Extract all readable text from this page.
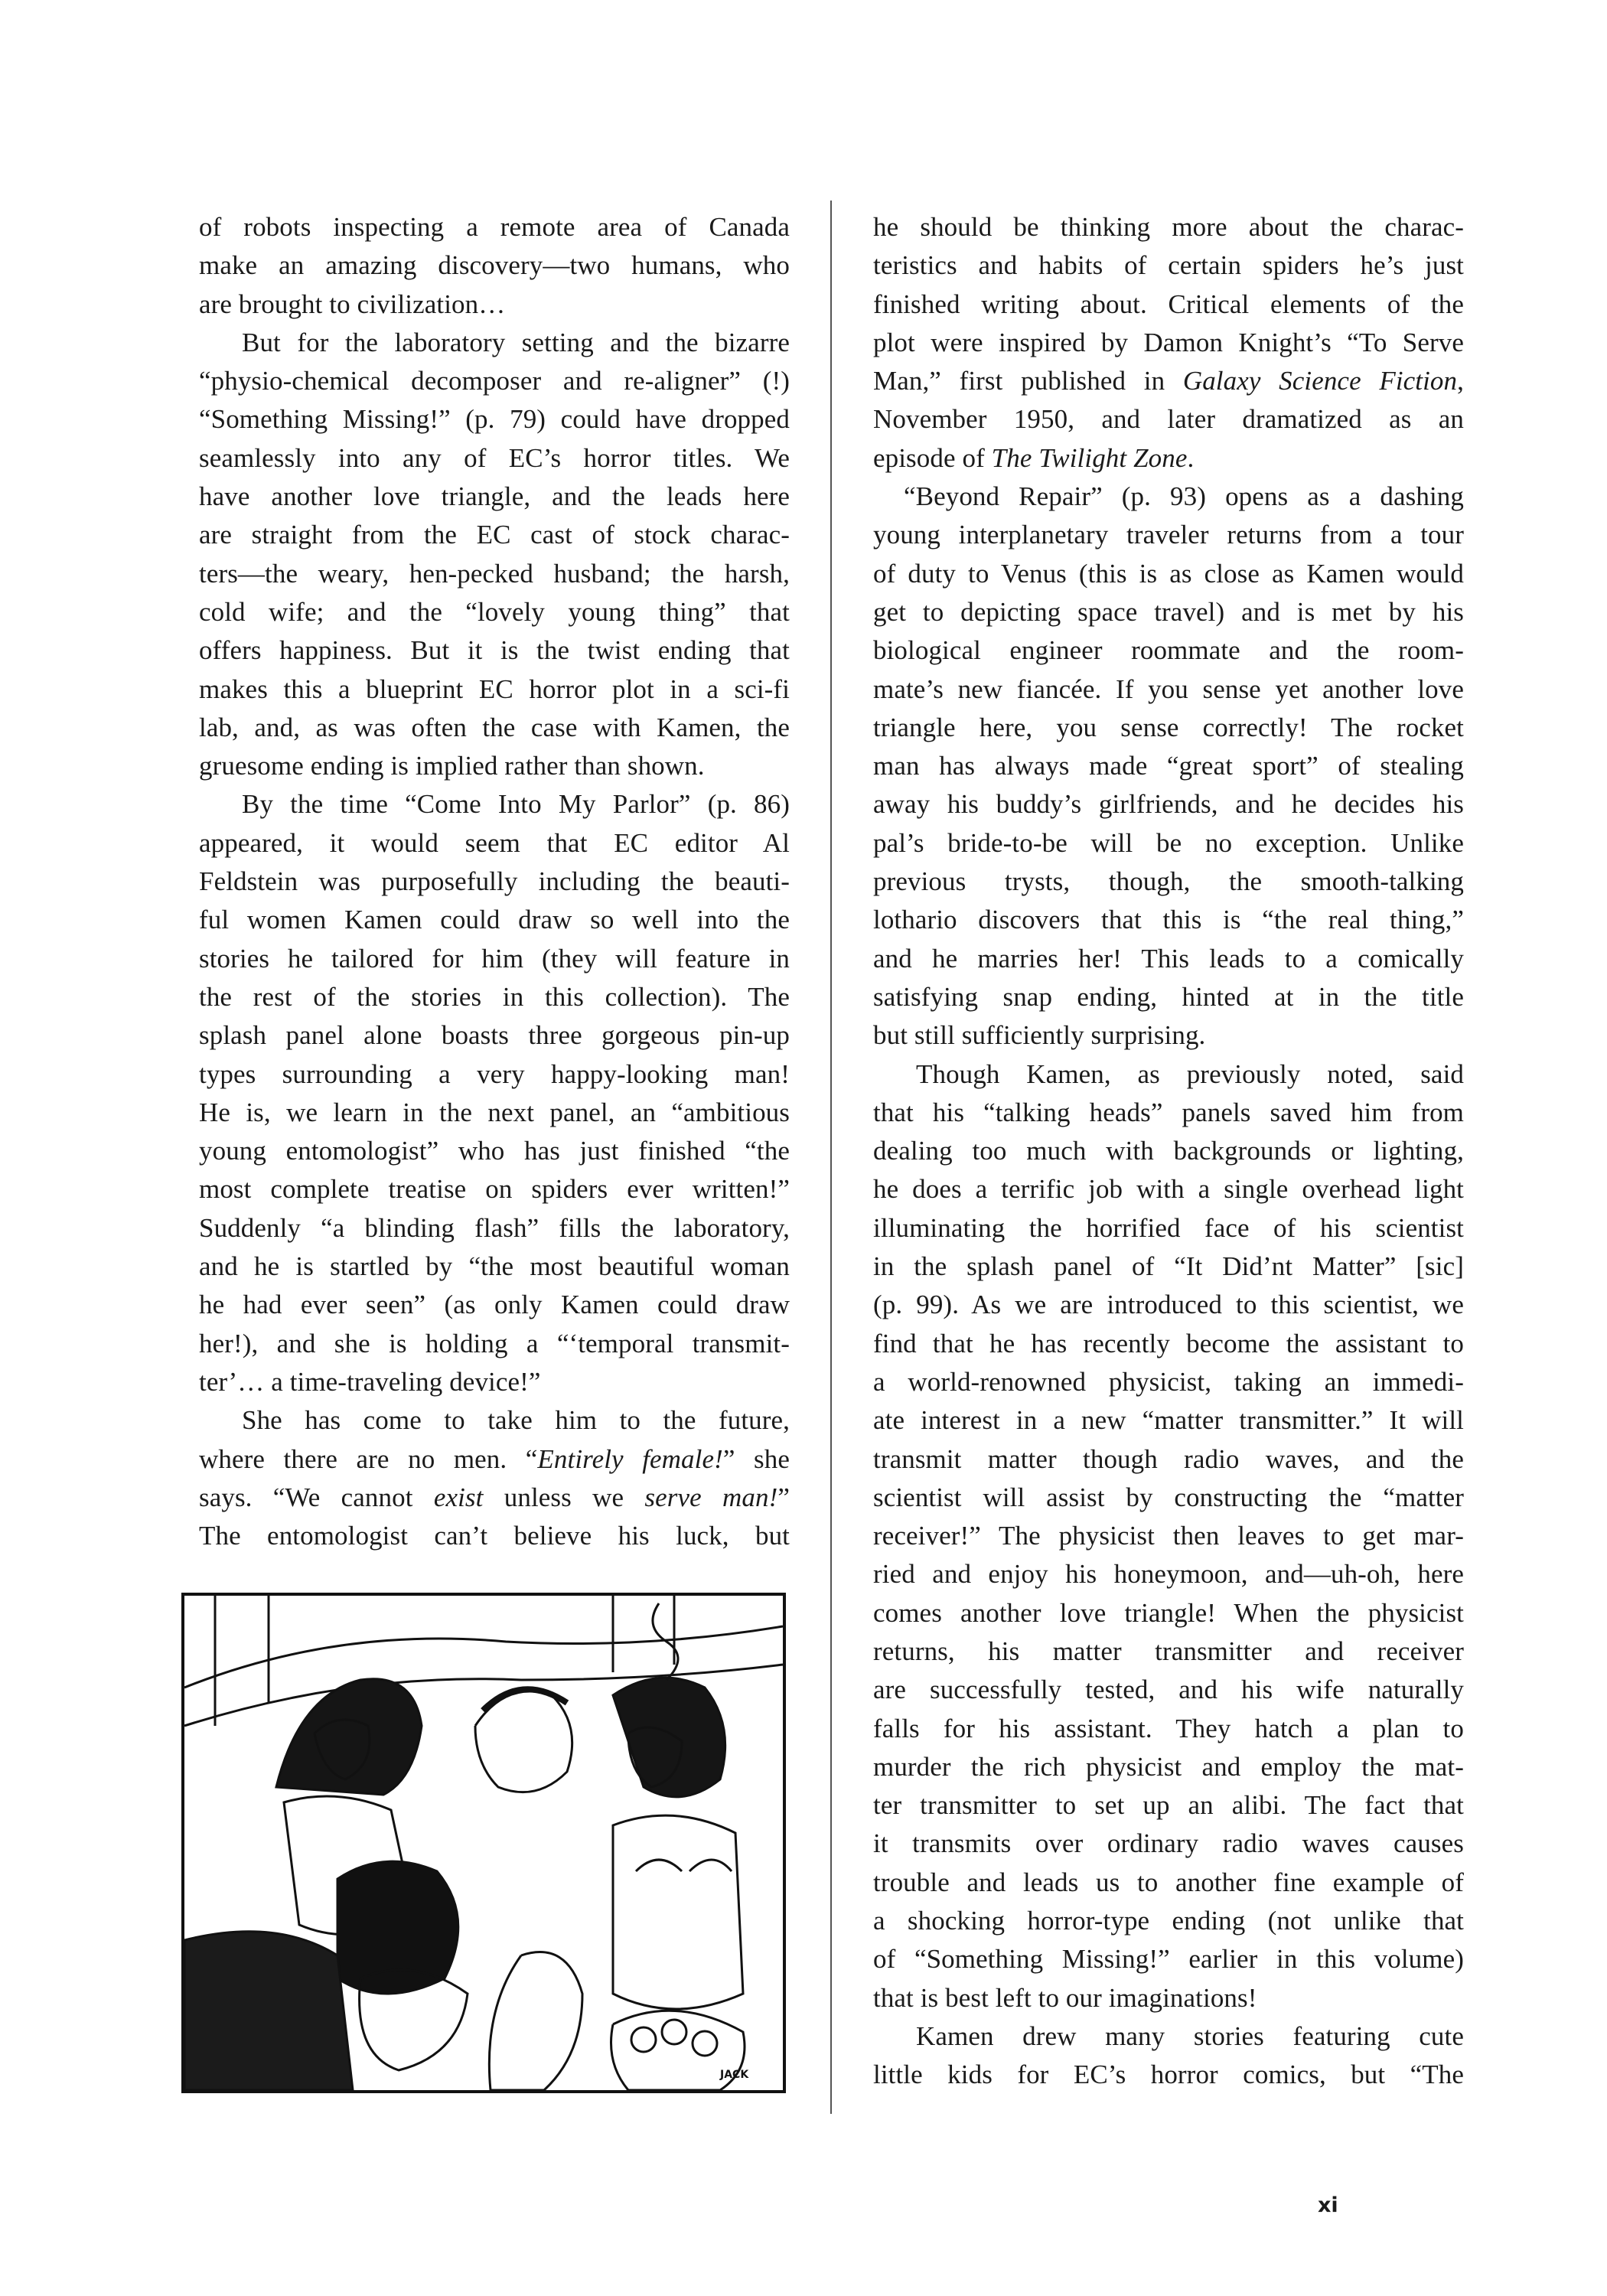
of robots inspecting a remote area of Canada
make an amazing discovery—two humans, who
are brought to civilization…
But for the laboratory setting and the bizarre
“physio-chemical decomposer and re-aligner” (!)
“Something Missing!” (p. 79) could have dropped
seamlessly into any of EC’s horror titles. We
have another love triangle, and the leads here
are straight from the EC cast of stock charac-
ters—the weary, hen-pecked husband; the harsh,
cold wife; and the “lovely young thing” that
offers happiness. But it is the twist ending that
makes this a blueprint EC horror plot in a sci-fi
lab, and, as was often the case with Kamen, the
gruesome ending is implied rather than shown.
By the time “Come Into My Parlor” (p. 86)
appeared, it would seem that EC editor Al
Feldstein was purposefully including the beauti-
ful women Kamen could draw so well into the
stories he tailored for him (they will feature in
the rest of the stories in this collection). The
splash panel alone boasts three gorgeous pin-up
types surrounding a very happy-looking man!
He is, we learn in the next panel, an “ambitious
young entomologist” who has just finished “the
most complete treatise on spiders ever written!”
Suddenly “a blinding flash” fills the laboratory,
and he is startled by “the most beautiful woman
he had ever seen” (as only Kamen could draw
her!), and she is holding a “‘temporal transmit-
ter’… a time-traveling device!”
She has come to take him to the future,
where there are no men. “Entirely female!” she
says. “We cannot exist unless we serve man!”
The entomologist can’t believe his luck, but
he should be thinking more about the charac-
teristics and habits of certain spiders he’s just
finished writing about. Critical elements of the
plot were inspired by Damon Knight’s “To Serve
Man,” first published in Galaxy Science Fiction,
November 1950, and later dramatized as an
episode of The Twilight Zone.
“Beyond Repair” (p. 93) opens as a dashing
young interplanetary traveler returns from a tour
of duty to Venus (this is as close as Kamen would
get to depicting space travel) and is met by his
biological engineer roommate and the room-
mate’s new fiancée. If you sense yet another love
triangle here, you sense correctly! The rocket
man has always made “great sport” of stealing
away his buddy’s girlfriends, and he decides his
pal’s bride-to-be will be no exception. Unlike
previous trysts, though, the smooth-talking
lothario discovers that this is “the real thing,”
and he marries her! This leads to a comically
satisfying snap ending, hinted at in the title
but still sufficiently surprising.
Though Kamen, as previously noted, said
that his “talking heads” panels saved him from
dealing too much with backgrounds or lighting,
he does a terrific job with a single overhead light
illuminating the horrified face of his scientist
in the splash panel of “It Did’nt Matter” [sic]
(p. 99). As we are introduced to this scientist, we
find that he has recently become the assistant to
a world-renowned physicist, taking an immedi-
ate interest in a new “matter transmitter.” It will
transmit matter though radio waves, and the
scientist will assist by constructing the “matter
receiver!” The physicist then leaves to get mar-
ried and enjoy his honeymoon, and—uh-oh, here
comes another love triangle! When the physicist
returns, his matter transmitter and receiver
are successfully tested, and his wife naturally
falls for his assistant. They hatch a plan to
murder the rich physicist and employ the mat-
ter transmitter to set up an alibi. The fact that
it transmits over ordinary radio waves causes
trouble and leads us to another fine example of
a shocking horror-type ending (not unlike that
of “Something Missing!” earlier in this volume)
that is best left to our imaginations!
Kamen drew many stories featuring cute
little kids for EC’s horror comics, but “The
JACK
xi
